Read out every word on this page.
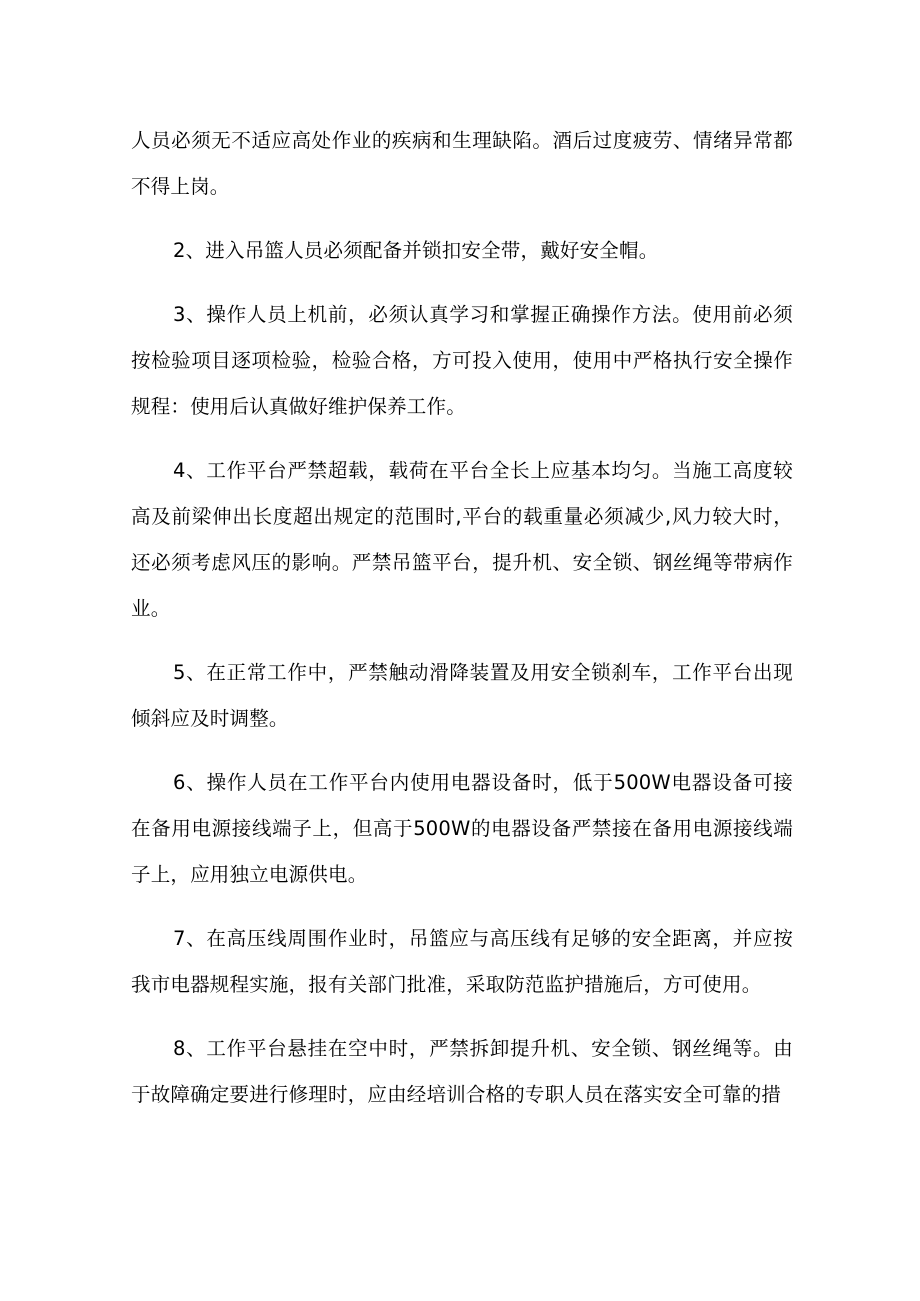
人员必须无不适应高处作业的疾病和生理缺陷。酒后过度疲劳、情绪异常都不得上岗。

2、进入吊篮人员必须配备并锁扣安全带，戴好安全帽。

3、操作人员上机前，必须认真学习和掌握正确操作方法。使用前必须按检验项目逐项检验，检验合格，方可投入使用，使用中严格执行安全操作规程：使用后认真做好维护保养工作。

4、工作平台严禁超载，载荷在平台全长上应基本均匀。当施工高度较高及前梁伸出长度超出规定的范围时,平台的载重量必须减少,风力较大时，还必须考虑风压的影响。严禁吊篮平台，提升机、安全锁、钢丝绳等带病作业。

5、在正常工作中，严禁触动滑降装置及用安全锁刹车，工作平台出现倾斜应及时调整。

6、操作人员在工作平台内使用电器设备时，低于500W电器设备可接在备用电源接线端子上，但高于500W的电器设备严禁接在备用电源接线端子上，应用独立电源供电。

7、在高压线周围作业时，吊篮应与高压线有足够的安全距离，并应按我市电器规程实施，报有关部门批准，采取防范监护措施后，方可使用。

8、工作平台悬挂在空中时，严禁拆卸提升机、安全锁、钢丝绳等。由于故障确定要进行修理时，应由经培训合格的专职人员在落实安全可靠的措
